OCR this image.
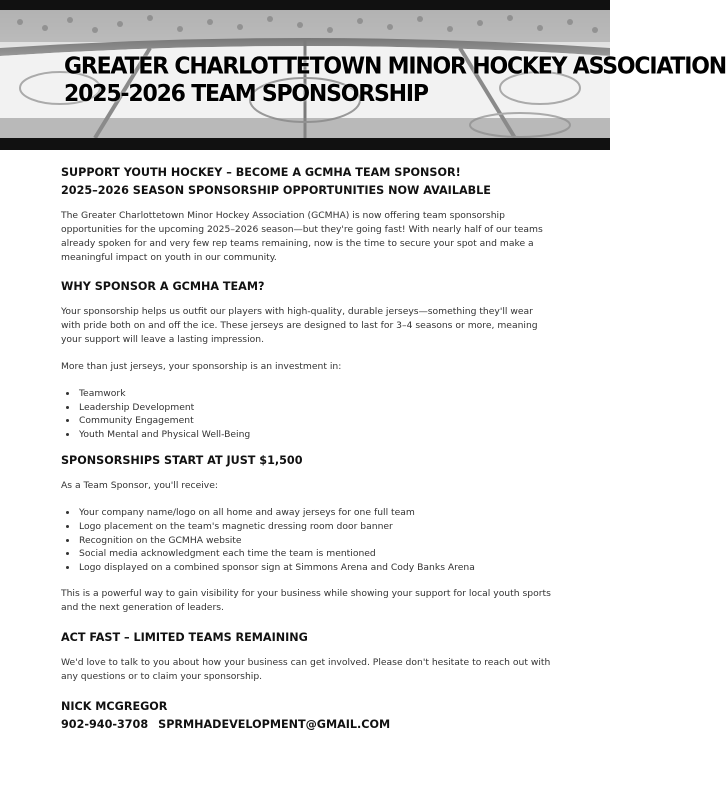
GREATER CHARLOTTETOWN MINOR HOCKEY ASSOCIATION
2025-2026 TEAM SPONSORSHIP

SUPPORT YOUTH HOCKEY – BECOME A GCMHA TEAM SPONSOR!

2025–2026 SEASON SPONSORSHIP OPPORTUNITIES NOW AVAILABLE

The Greater Charlottetown Minor Hockey Association (GCMHA) is now offering team sponsorship opportunities for the upcoming 2025–2026 season—but they're going fast! With nearly half of our teams already spoken for and very few rep teams remaining, now is the time to secure your spot and make a meaningful impact on youth in our community.

WHY SPONSOR A GCMHA TEAM?

Your sponsorship helps us outfit our players with high-quality, durable jerseys—something they'll wear with pride both on and off the ice. These jerseys are designed to last for 3–4 seasons or more, meaning your support will leave a lasting impression.

More than just jerseys, your sponsorship is an investment in:

• Teamwork
• Leadership Development
• Community Engagement
• Youth Mental and Physical Well-Being

SPONSORSHIPS START AT JUST $1,500

As a Team Sponsor, you'll receive:

• Your company name/logo on all home and away jerseys for one full team
• Logo placement on the team's magnetic dressing room door banner
• Recognition on the GCMHA website
• Social media acknowledgment each time the team is mentioned
• Logo displayed on a combined sponsor sign at Simmons Arena and Cody Banks Arena

This is a powerful way to gain visibility for your business while showing your support for local youth sports and the next generation of leaders.

ACT FAST – LIMITED TEAMS REMAINING

We'd love to talk to you about how your business can get involved. Please don't hesitate to reach out with any questions or to claim your sponsorship.

NICK MCGREGOR
902-940-3708 SPRMHADEVELOPMENT@GMAIL.COM
